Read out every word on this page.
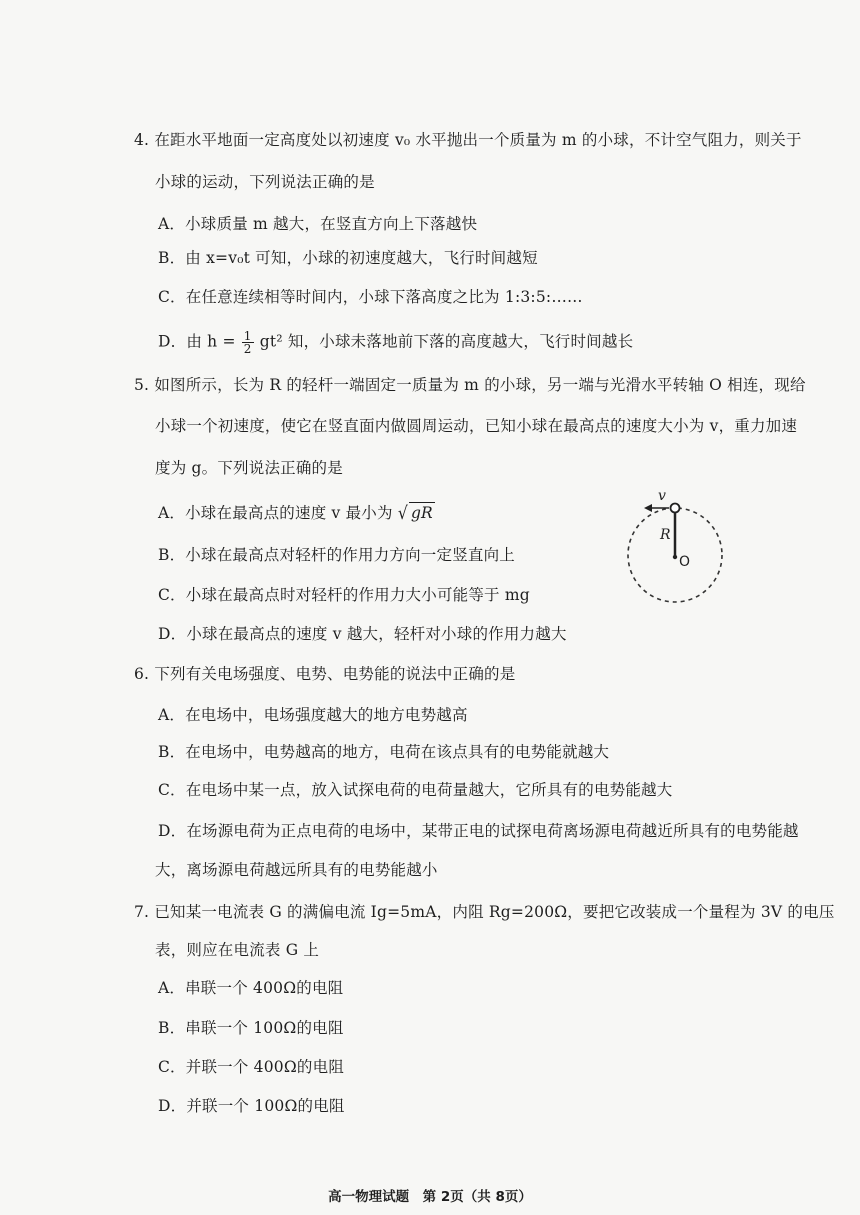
4. 在距水平地面一定高度处以初速度 v₀ 水平抛出一个质量为 m 的小球，不计空气阻力，则关于
小球的运动，下列说法正确的是
A．小球质量 m 越大，在竖直方向上下落越快
B．由 x=v₀t 可知，小球的初速度越大，飞行时间越短
C．在任意连续相等时间内，小球下落高度之比为 1:3:5:……
D．由 $h = \frac{1}{2} gt^2$ 知，小球未落地前下落的高度越大，飞行时间越长
5. 如图所示，长为 R 的轻杆一端固定一质量为 m 的小球，另一端与光滑水平转轴 O 相连，现给
小球一个初速度，使它在竖直面内做圆周运动，已知小球在最高点的速度大小为 v，重力加速
度为 g。下列说法正确的是
A．小球在最高点的速度 v 最小为 √ gR
B．小球在最高点对轻杆的作用力方向一定竖直向上
C．小球在最高点时对轻杆的作用力大小可能等于 mg
D．小球在最高点的速度 v 越大，轻杆对小球的作用力越大
v
R
O
6. 下列有关电场强度、电势、电势能的说法中正确的是
A．在电场中，电场强度越大的地方电势越高
B．在电场中，电势越高的地方，电荷在该点具有的电势能就越大
C．在电场中某一点，放入试探电荷的电荷量越大，它所具有的电势能越大
D．在场源电荷为正点电荷的电场中，某带正电的试探电荷离场源电荷越近所具有的电势能越
大，离场源电荷越远所具有的电势能越小
7. 已知某一电流表 G 的满偏电流 Ig=5mA，内阻 Rg=200Ω，要把它改装成一个量程为 3V 的电压
表，则应在电流表 G 上
A．串联一个 400Ω的电阻
B．串联一个 100Ω的电阻
C．并联一个 400Ω的电阻
D．并联一个 100Ω的电阻
高一物理试题　第 2页（共 8页）
